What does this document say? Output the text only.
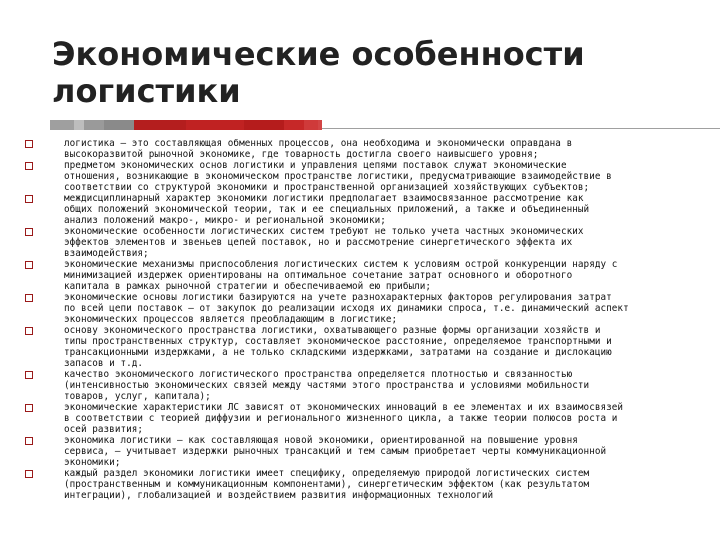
Экономические особенности логистики
логистика – это составляющая обменных процессов, она необходима и экономически оправдана в
высокоразвитой рыночной экономике, где товарность достигла своего наивысшего уровня;
предметом экономических основ логистики и управления цепями поставок служат экономические
отношения, возникающие в экономическом пространстве логистики, предусматривающие взаимодействие в
соответствии со структурой экономики и пространственной организацией хозяйствующих субъектов;
междисциплинарный характер экономики логистики предполагает взаимосвязанное рассмотрение как
общих положений экономической теории, так и ее специальных приложений, а также и объединенный
анализ положений макро-, микро- и региональной экономики;
экономические особенности логистических систем требуют не только учета частных экономических
эффектов элементов и звеньев цепей поставок, но и рассмотрение синергетического эффекта их
взаимодействия;
экономические механизмы приспособления логистических систем к условиям острой конкуренции наряду с
минимизацией издержек ориентированы на оптимальное сочетание затрат основного и оборотного
капитала в рамках рыночной стратегии и обеспечиваемой ею прибыли;
экономические основы логистики базируются на учете разнохарактерных факторов регулирования затрат
по всей цепи поставок – от закупок до реализации исходя их динамики спроса, т.е. динамический аспект
экономических процессов является преобладающим в логистике;
основу экономического пространства логистики, охватывающего разные формы организации хозяйств и
типы пространственных структур, составляет экономическое расстояние, определяемое транспортными и
трансакционными издержками, а не только складскими издержками, затратами на создание и дислокацию
запасов и т.д.
качество экономического логистического пространства определяется плотностью и связанностью
(интенсивностью экономических связей между частями этого пространства и условиями мобильности
товаров, услуг, капитала);
экономические характеристики ЛС зависят от экономических инноваций в ее элементах и их взаимосвязей
в соответствии с теорией диффузии и регионального жизненного цикла, а также теории полюсов роста и
осей развития;
экономика логистики – как составляющая новой экономики, ориентированной на повышение уровня
сервиса, – учитывает издержки рыночных трансакций и тем самым приобретает черты коммуникационной
экономики;
каждый раздел экономики логистики имеет специфику, определяемую природой логистических систем
(пространственным и коммуникационным компонентами), синергетическим эффектом (как результатом
интеграции), глобализацией и воздействием развития информационных технологий
